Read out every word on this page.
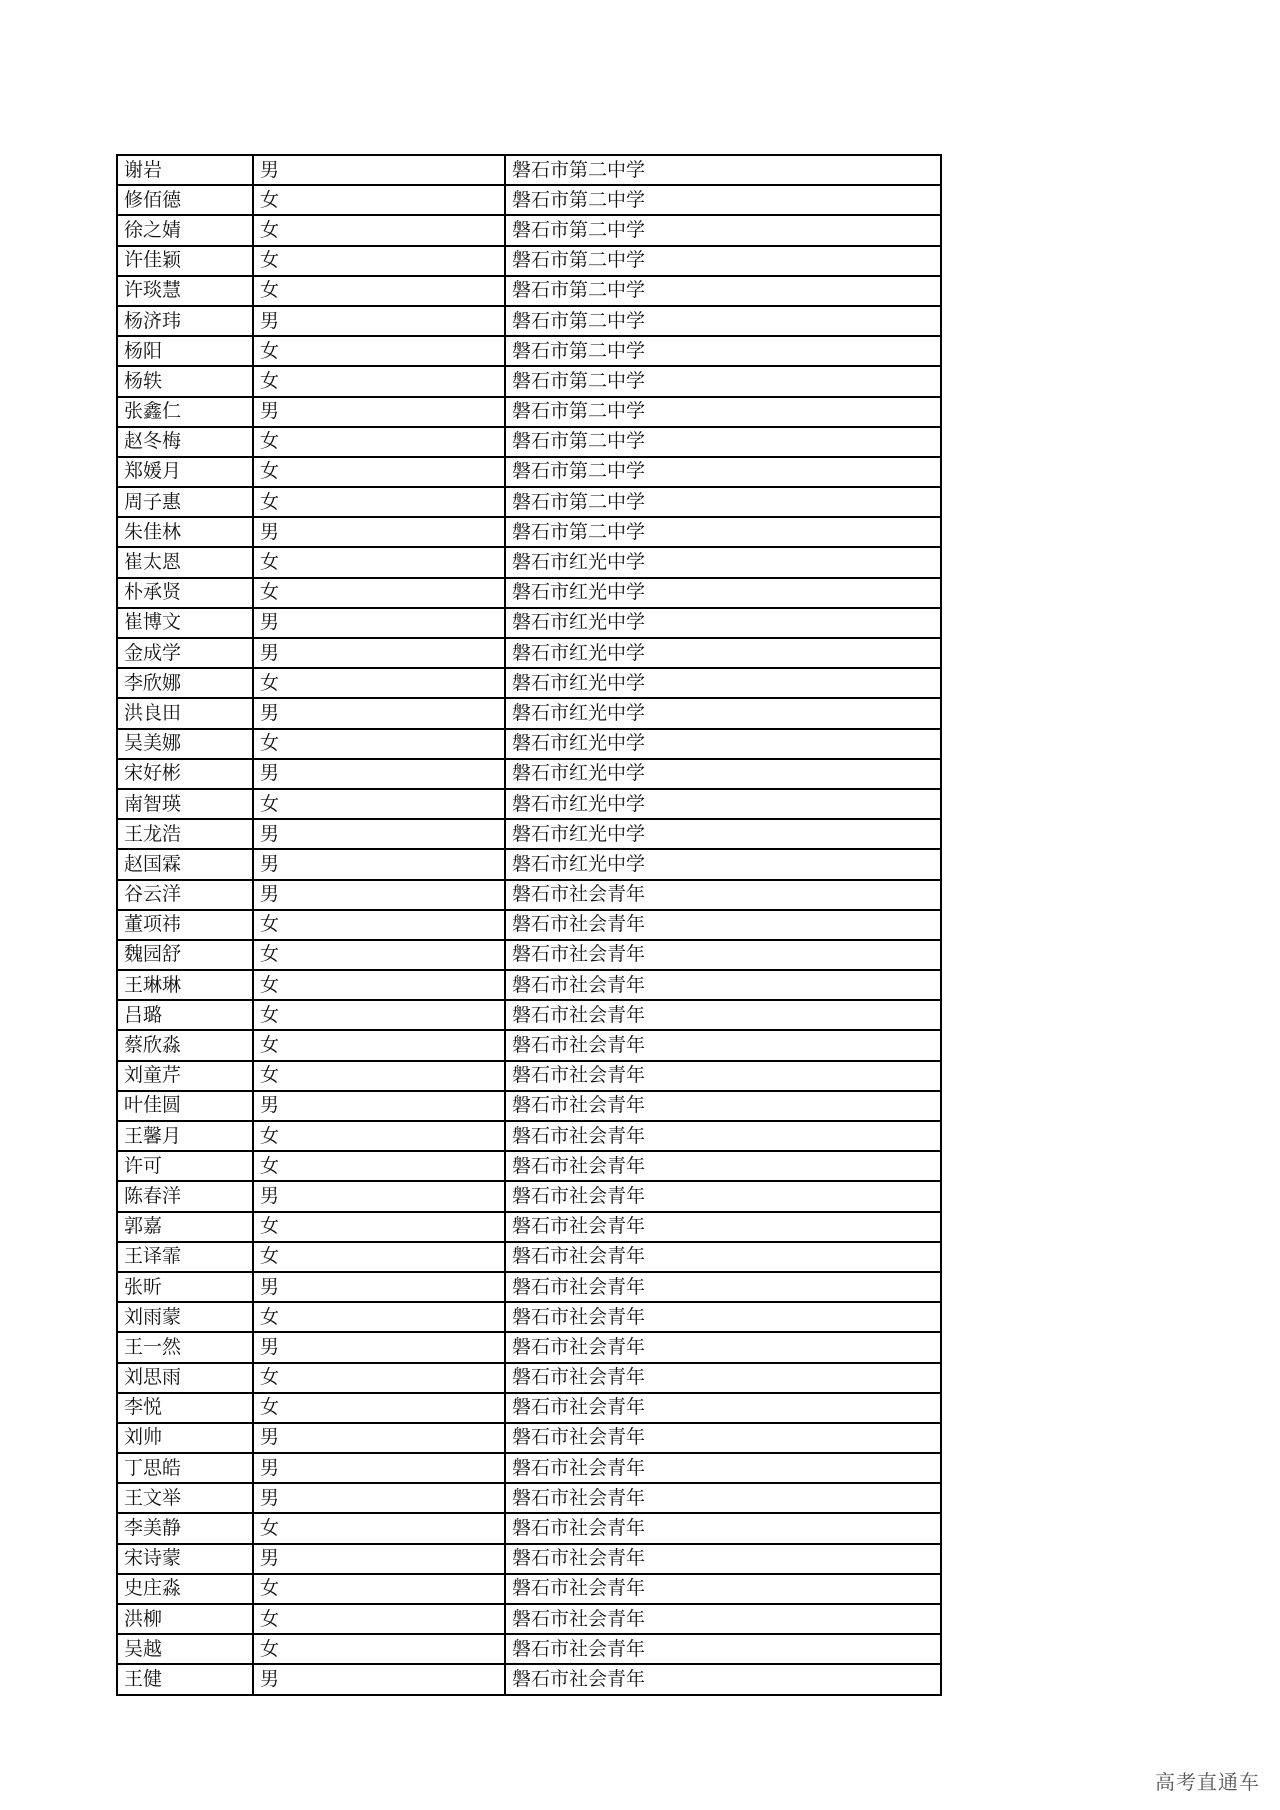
谢岩	男	磐石市第二中学
修佰德	女	磐石市第二中学
徐之婧	女	磐石市第二中学
许佳颖	女	磐石市第二中学
许琰慧	女	磐石市第二中学
杨济玮	男	磐石市第二中学
杨阳	女	磐石市第二中学
杨轶	女	磐石市第二中学
张鑫仁	男	磐石市第二中学
赵冬梅	女	磐石市第二中学
郑媛月	女	磐石市第二中学
周子惠	女	磐石市第二中学
朱佳林	男	磐石市第二中学
崔太恩	女	磐石市红光中学
朴承贤	女	磐石市红光中学
崔博文	男	磐石市红光中学
金成学	男	磐石市红光中学
李欣娜	女	磐石市红光中学
洪良田	男	磐石市红光中学
吴美娜	女	磐石市红光中学
宋好彬	男	磐石市红光中学
南智瑛	女	磐石市红光中学
王龙浩	男	磐石市红光中学
赵国霖	男	磐石市红光中学
谷云洋	男	磐石市社会青年
董项祎	女	磐石市社会青年
魏园舒	女	磐石市社会青年
王琳琳	女	磐石市社会青年
吕璐	女	磐石市社会青年
蔡欣淼	女	磐石市社会青年
刘童芹	女	磐石市社会青年
叶佳圆	男	磐石市社会青年
王馨月	女	磐石市社会青年
许可	女	磐石市社会青年
陈春洋	男	磐石市社会青年
郭嘉	女	磐石市社会青年
王译霏	女	磐石市社会青年
张昕	男	磐石市社会青年
刘雨蒙	女	磐石市社会青年
王一然	男	磐石市社会青年
刘思雨	女	磐石市社会青年
李悦	女	磐石市社会青年
刘帅	男	磐石市社会青年
丁思皓	男	磐石市社会青年
王文举	男	磐石市社会青年
李美静	女	磐石市社会青年
宋诗蒙	男	磐石市社会青年
史庄淼	女	磐石市社会青年
洪柳	女	磐石市社会青年
吴越	女	磐石市社会青年
王健	男	磐石市社会青年
高考直通车
